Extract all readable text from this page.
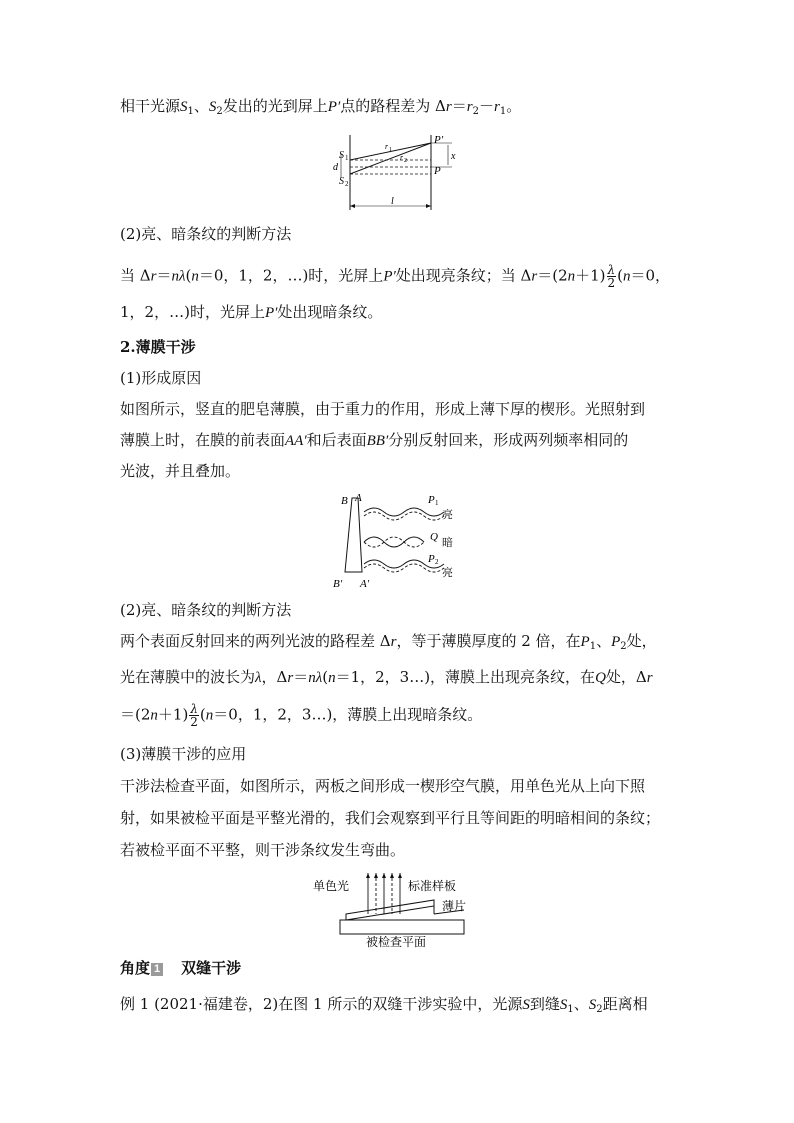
相干光源$S_1$、$S_2$发出的光到屏上P′点的路程差为 $\Delta r=r_2-r_1$。
S 1
d
S 2
r 1
r 2
P′
P
x
l
(2)亮、暗条纹的判断方法
当 Δr＝nλ(n＝0，1，2，…)时，光屏上P′处出现亮条纹；当 $\Delta r=(2n+1) \frac{\lambda}{2} (n=0$，
1，2，…)时，光屏上P′处出现暗条纹。
2.薄膜干涉
(1)形成原因
如图所示，竖直的肥皂薄膜，由于重力的作用，形成上薄下厚的楔形。光照射到
薄膜上时，在膜的前表面AA′和后表面BB′分别反射回来，形成两列频率相同的
光波，并且叠加。
B A
B′ A′
P 1
亮
Q 暗
P 2
亮
(2)亮、暗条纹的判断方法
两个表面反射回来的两列光波的路程差 Δr，等于薄膜厚度的 2 倍，在$P_1$、$P_2$处，
光在薄膜中的波长为λ，Δr＝nλ(n＝1，2，3…)，薄膜上出现亮条纹，在Q处，Δr
$=(2n+1) \frac{\lambda}{2} (n=0$，1，2，3…)，薄膜上出现暗条纹。
(3)薄膜干涉的应用
干涉法检查平面，如图所示，两板之间形成一楔形空气膜，用单色光从上向下照
射，如果被检平面是平整光滑的，我们会观察到平行且等间距的明暗相间的条纹；
若被检平面不平整，则干涉条纹发生弯曲。
单色光	标准样板
薄片
被检查平面
角度 1 双缝干涉
例 1 (2021·福建卷，2)在图 1 所示的双缝干涉实验中，光源S到缝$S_1$、$S_2$距离相
